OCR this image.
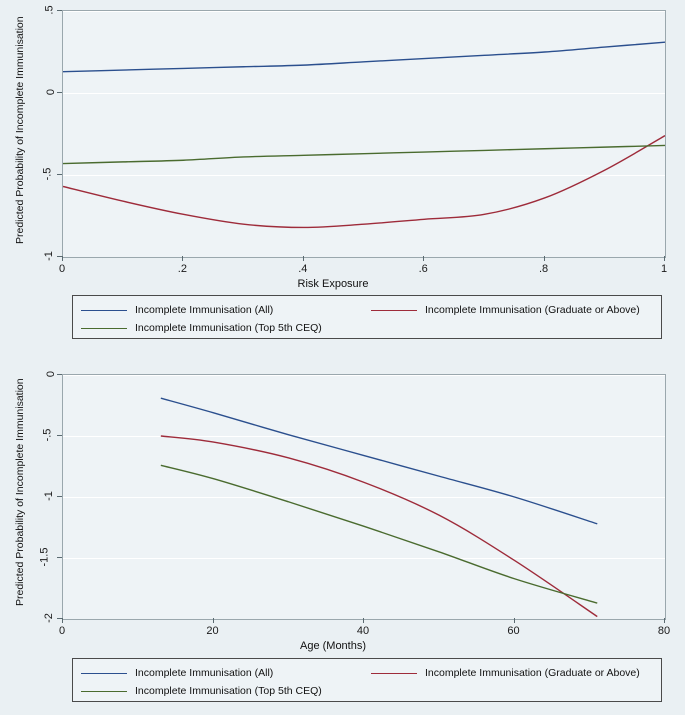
Predicted Probability of Incomplete Immunisation
Risk Exposure
Incomplete Immunisation (All)	Incomplete Immunisation (Graduate or Above)
Incomplete Immunisation (Top 5th CEQ)
-1
-.5
0
.5
0	.2	.4	.6	.8	1
Predicted Probability of Incomplete Immunisation
Age (Months)
Incomplete Immunisation (All)	Incomplete Immunisation (Graduate or Above)
Incomplete Immunisation (Top 5th CEQ)
-2
-1.5
-1
-.5
0
0	20	40	60	80
